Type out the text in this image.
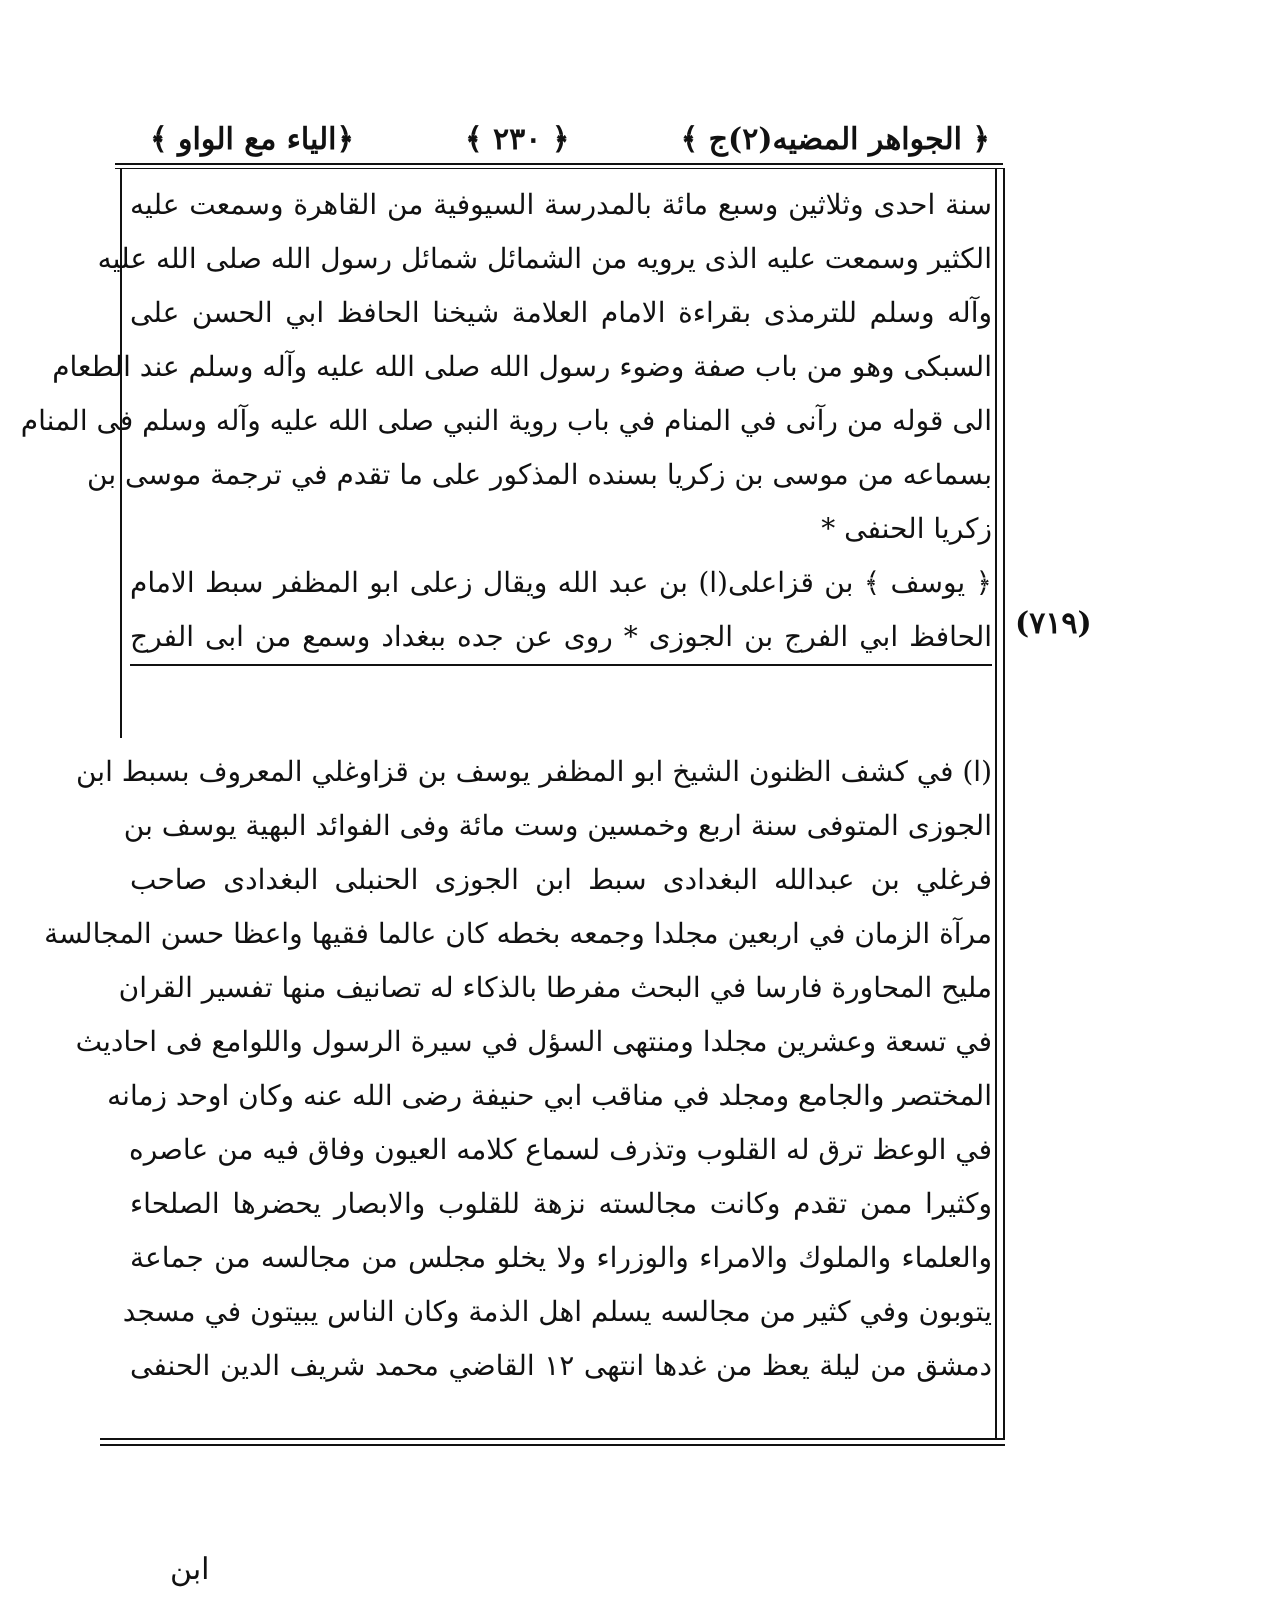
﴿ الجواهر المضيه(٢)ج ﴾
﴿ ٢٣٠ ﴾
﴿الياء مع الواو ﴾
(٧١٩)
سنة احدى وثلاثين وسبع مائة بالمدرسة السيوفية من القاهرة وسمعت عليه
الكثير وسمعت عليه الذى يرويه من الشمائل شمائل رسول الله صلى الله عليه
وآله وسلم للترمذى بقراءة الامام العلامة شيخنا الحافظ ابي الحسن على
السبكى وهو من باب صفة وضوء رسول الله صلى الله عليه وآله وسلم عند الطعام
الى قوله من رآنى في المنام في باب روية النبي صلى الله عليه وآله وسلم فى المنام
بسماعه من موسى بن زكريا بسنده المذكور على ما تقدم في ترجمة موسى بن
زكريا الحنفى *
﴿ يوسف ﴾ بن قزاعلى(ا) بن عبد الله ويقال زعلى ابو المظفر سبط الامام
الحافظ ابي الفرج بن الجوزى * روى عن جده ببغداد وسمع من ابى الفرج
(ا) في كشف الظنون الشيخ ابو المظفر يوسف بن قزاوغلي المعروف بسبط ابن
الجوزى المتوفى سنة اربع وخمسين وست مائة وفى الفوائد البهية يوسف بن
فرغلي بن عبدالله البغدادى سبط ابن الجوزى الحنبلى البغدادى صاحب
مرآة الزمان في اربعين مجلدا وجمعه بخطه كان عالما فقيها واعظا حسن المجالسة
مليح المحاورة فارسا في البحث مفرطا بالذكاء له تصانيف منها تفسير القران
في تسعة وعشرين مجلدا ومنتهى السؤل في سيرة الرسول واللوامع فى احاديث
المختصر والجامع ومجلد في مناقب ابي حنيفة رضى الله عنه وكان اوحد زمانه
في الوعظ ترق له القلوب وتذرف لسماع كلامه العيون وفاق فيه من عاصره
وكثيرا ممن تقدم وكانت مجالسته نزهة للقلوب والابصار يحضرها الصلحاء
والعلماء والملوك والامراء والوزراء ولا يخلو مجلس من مجالسه من جماعة
يتوبون وفي كثير من مجالسه يسلم اهل الذمة وكان الناس يبيتون في مسجد
دمشق من ليلة يعظ من غدها انتهى ١٢ القاضي محمد شريف الدين الحنفى
ابن
